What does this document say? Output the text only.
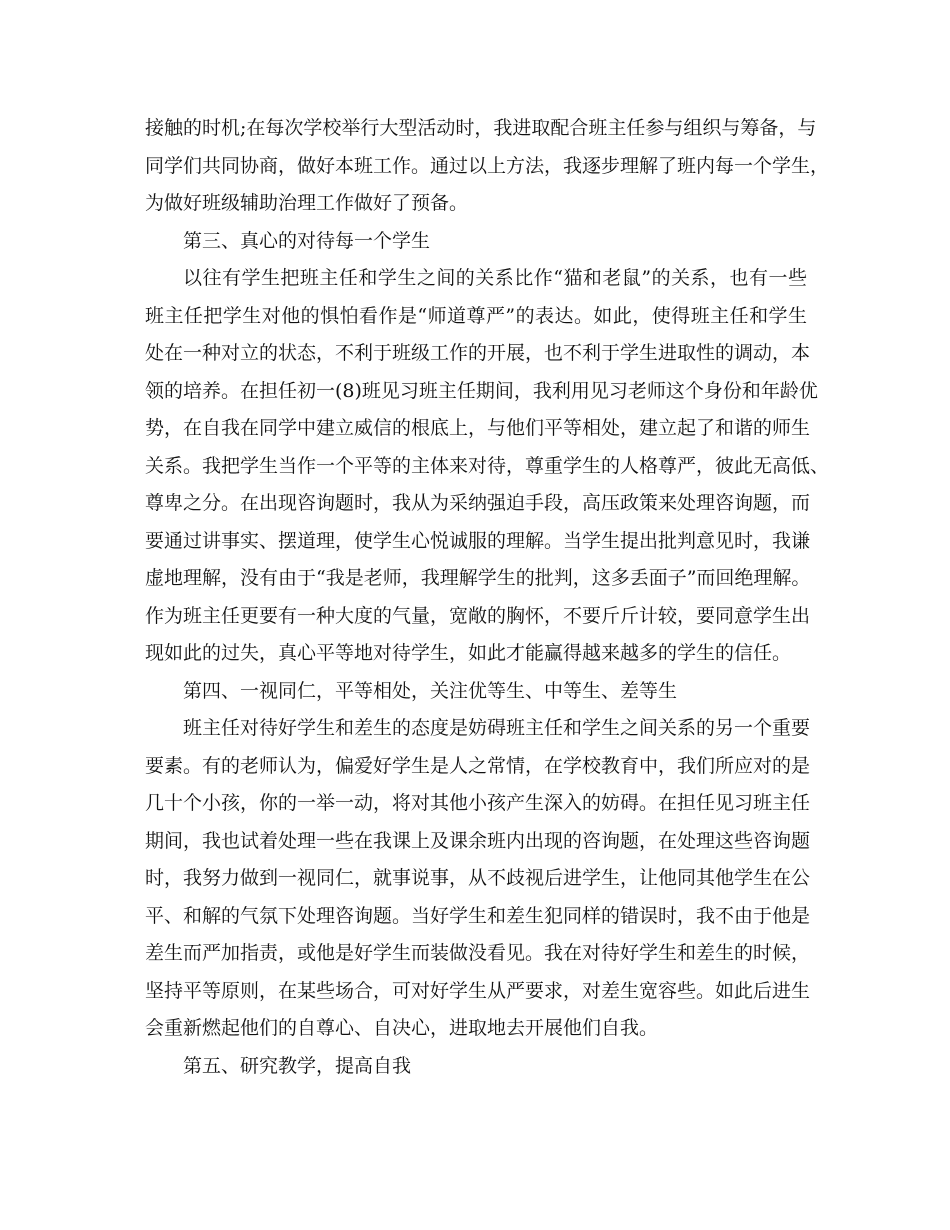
接触的时机;在每次学校举行大型活动时，我进取配合班主任参与组织与筹备，与
同学们共同协商，做好本班工作。通过以上方法，我逐步理解了班内每一个学生，
为做好班级辅助治理工作做好了预备。
第三、真心的对待每一个学生
以往有学生把班主任和学生之间的关系比作“猫和老鼠”的关系，也有一些
班主任把学生对他的惧怕看作是“师道尊严”的表达。如此，使得班主任和学生
处在一种对立的状态，不利于班级工作的开展，也不利于学生进取性的调动，本
领的培养。在担任初一(8)班见习班主任期间，我利用见习老师这个身份和年龄优
势，在自我在同学中建立威信的根底上，与他们平等相处，建立起了和谐的师生
关系。我把学生当作一个平等的主体来对待，尊重学生的人格尊严，彼此无高低、
尊卑之分。在出现咨询题时，我从为采纳强迫手段，高压政策来处理咨询题，而
要通过讲事实、摆道理，使学生心悦诚服的理解。当学生提出批判意见时，我谦
虚地理解，没有由于“我是老师，我理解学生的批判，这多丢面子”而回绝理解。
作为班主任更要有一种大度的气量，宽敞的胸怀，不要斤斤计较，要同意学生出
现如此的过失，真心平等地对待学生，如此才能赢得越来越多的学生的信任。
第四、一视同仁，平等相处，关注优等生、中等生、差等生
班主任对待好学生和差生的态度是妨碍班主任和学生之间关系的另一个重要
要素。有的老师认为，偏爱好学生是人之常情，在学校教育中，我们所应对的是
几十个小孩，你的一举一动，将对其他小孩产生深入的妨碍。在担任见习班主任
期间，我也试着处理一些在我课上及课余班内出现的咨询题，在处理这些咨询题
时，我努力做到一视同仁，就事说事，从不歧视后进学生，让他同其他学生在公
平、和解的气氛下处理咨询题。当好学生和差生犯同样的错误时，我不由于他是
差生而严加指责，或他是好学生而装做没看见。我在对待好学生和差生的时候，
坚持平等原则，在某些场合，可对好学生从严要求，对差生宽容些。如此后进生
会重新燃起他们的自尊心、自决心，进取地去开展他们自我。
第五、研究教学，提高自我
